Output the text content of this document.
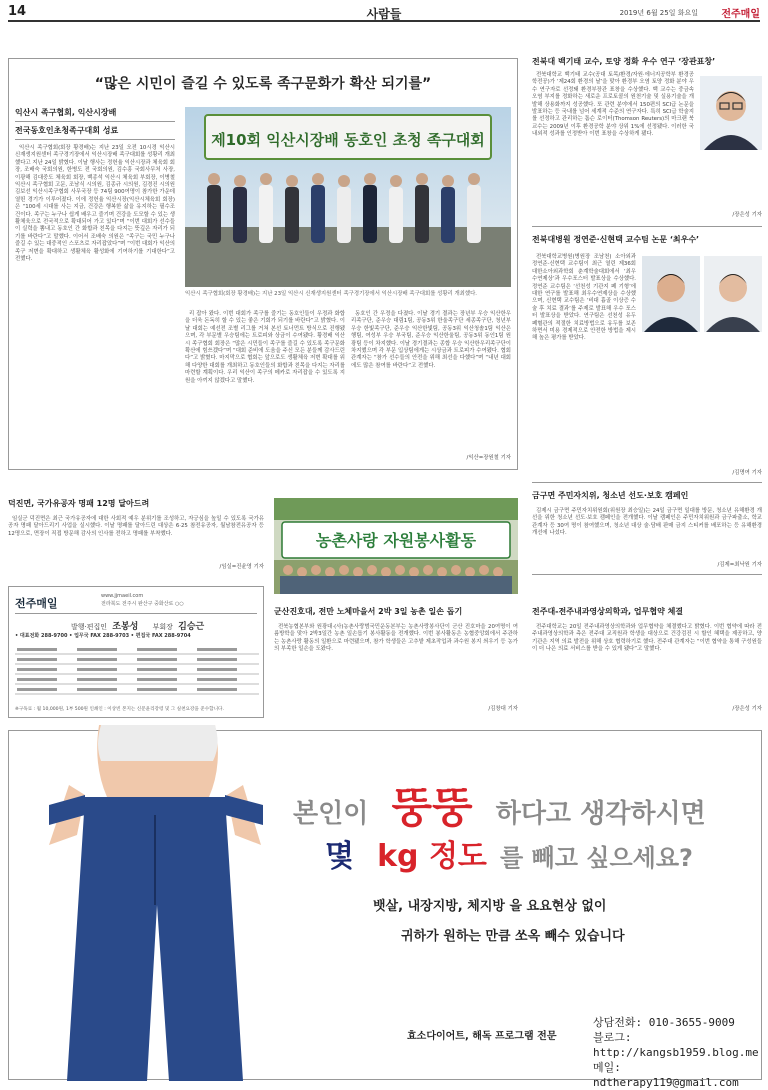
14	사람들	2019년 6월 25일 화요일 전주매일
“많은 시민이 즐길 수 있도록 족구문화가 확산 되기를”
익산시 족구협회, 익산시장배
전국동호인초청족구대회 성료

익산시 족구협회(회장 황경배)는 지난 23일 오전 10시경 익산시 신재생지원센터 족구경기장에서 익산시장배 족구대회를 성황리 개최했다고 지난 24일 밝혔다. 이날 행사는 정헌율 익산시장과 체육회 회장, 조배숙 국회의원, 한병도 전 국회의원, 김수흥 국회사무처 사장, 이광해 김대중도 체육회 회장, 백종석 익산시 체육회 부회장, 이병철 익산시 족구협회 고문, 조남식 시의원, 김종규 시의원, 김경진 시의원 김보선 익산시족구협회 사무국장 등 74팀 900여명이 참가한 가운데 열띤 경기가 이루어졌다. 이에 정헌율 익산시장(익산시체육회 회장)은 “100세 시대를 사는 지금, 건강은 행복한 삶을 유지하는 필수조건이다. 족구는 누구나 쉽게 배우고 즐기며 건강을 도모할 수 있는 생활체육으로 전국적으로 확대되어 가고 있다”며 “이번 대회가 선수들이 실력을 뽐내고 동호인 간 화합과 친목을 다지는 뜻깊은 자리가 되기를 바란다”고 말했다. 이어서 조배숙 의원은 “족구는 국민 누구나 즐길 수 있는 대중적인 스포츠로 자리잡았다”며 “이번 대회가 익산의 족구 저변을 확대하고 생활체육 활성화에 기여하기를 기대한다”고 전했다.

제10회 익산시장배 동호인 초청 족구대회
익산시 족구협회(회장 황경배)는 지난 23일 익산시 신재생지원센터 족구경기장에서 익산시장배 족구대회를 성황리 개최했다.

리 잡아 왔다. 이번 대회가 족구를 즐기는 동호인들이 우정과 화합을 더욱 돈독히 할 수 있는 좋은 기회가 되기를 바란다”고 밝혔다. 이날 대회는 예선전 조별 리그를 거쳐 본선 토너먼트 방식으로 진행됐으며, 각 부문별 우승팀에는 트로피와 상금이 수여됐다. 황경배 익산시 족구협회 회장은 “많은 시민들이 족구를 즐길 수 있도록 족구문화 확산에 힘쓰겠다”며 “대회 준비에 도움을 주신 모든 분들께 감사드린다”고 밝혔다. 마지막으로 협회는 앞으로도 생활체육 저변 확대를 위해 다양한 대회를 개최하고 동호인들의 화합과 친목을 다지는 자리를 마련할 계획이다. 우리 익산이 족구의 메카로 자리잡을 수 있도록 지원을 아끼지 않겠다고 말했다.

동호인 간 우정을 다졌다. 이날 경기 결과는 장년부 우승 익산한우리족구단, 준우승 대림1팀, 공동3위 한울족구단 세종족구단, 청년부 우승 한빛족구단, 준우승 익산한빛팀, 공동3위 익산청솔1팀 익산은행팀, 여성부 우승 부국팀, 준우승 익산한울팀, 공동3위 동인1팀 원광팀 등이 차지했다. 이날 경기결과는 종합 우승 익산한우리족구단이 차지했으며 각 부문 입상팀에게는 시상금과 트로피가 수여됐다. 협회 관계자는 “참가 선수들의 안전을 위해 최선을 다했다”며 “내년 대회에도 많은 참여를 바란다”고 전했다.

/익산=장원철 기자
전북대 백기태 교수, 토양 정화 우수 연구 ‘장관표창’

전북대학교 백기태 교수(공대 토목/환경/자원·에너지공학부 환경공학전공)가 ‘제24회 환경의 날’을 맞아 환경부 오염 토양 정화 분야 우수 연구자로 선정돼 환경부장관 표창을 수상했다. 백 교수는 중금속 오염 부지를 정화하는 새로운 프로토콜의 원천기술 및 실용기술을 개발해 상용화까지 성공했다. 또 관련 분야에서 150편의 SCI급 논문을 발표하는 등 국내를 넘어 세계적 수준의 연구자다. 특히 SCI급 학술지를 선정하고 관리하는 톰슨 로이터(Thomson Reuters)의 마크랜 북 교수는 2009년 이후 환경공학 분야 상위 1%에 선정됐다. 이러한 국내외적 성과를 인정받아 이번 표창을 수상하게 됐다.

/장은성 기자
전북대병원 정연준·신현택 교수팀 논문 ‘최우수’

전북대학교병원(병원장 조남천) 소아외과 정연준·신현택 교수팀이 최근 열린 제36회 대한소아외과학회 춘계학술대회에서 ‘최우수연제상’과 우수포스터 발표상을 수상했다. 정연준 교수팀은 ‘선천성 기관지 폐 기형’에 대한 연구를 발표해 최우수연제상을 수상했으며, 신현택 교수팀은 ‘비대 흉골 이상증 수술 후 치료 결과’를 주제로 발표해 우수 포스터 발표상을 받았다. 연구팀은 선천성 유두 폐혈관의 적절한 치료방법으로 유두를 보존하면서 미용 경제적으로 안전한 방법을 제시해 높은 평가를 받았다.

/김명여 기자
금구면 주민자치위, 청소년 선도·보호 캠페인

김제시 금구면 주민자치위원회(위원장 최승일)는 24일 금구면 일대를 방문, 청소년 유해환경 개선을 위한 청소년 선도·보호 캠페인을 전개했다. 이날 캠페인은 주민자치위원과 금구파출소, 학교 관계자 등 30여 명이 참여했으며, 청소년 대상 술·담배 판매 금지 스티커를 배포하는 등 유해환경 개선에 나섰다.

/김제=최낙원 기자
덕진면, 국가유공자 명패 12명 달아드려

임실군 덕진면은 최근 국가유공자에 대한 사회적 예우 분위기를 조성하고, 자긍심을 높일 수 있도록 국가유공자 명패 달아드리기 사업을 실시했다. 이날 명패를 달아드린 대상은 6·25 참전유공자, 월남참전유공자 등 12명으로, 면장이 직접 방문해 감사의 인사를 전하고 명패를 부착했다.

/임실=진윤영 기자
전주매일
www.jjmaeil.com
전라북도 전주시 완산구 중화산로 ○○
발행·편집인 조봉성 부회장 김승근
• 대표전화 288-9700 • 업무국 FAX 288-9703 • 편집국 FAX 288-9704
※구독료 : 월 10,000원, 1부 500원 인쇄인 : 이상빈 본지는 신문윤리강령 및 그 실천요강을 준수합니다.
농촌사랑 자원봉사활동
군산진호대, 전만 노체마을서 2박 3일 농촌 일손 돕기

전북농협본부와 원광대·(사)농촌사랑범국민운동본부는 농촌사랑봉사단이 군산 진호마을 20여명이 여름방학을 맞아 2박3일간 농촌 일손돕기 봉사활동을 전개했다. 이번 봉사활동은 농협중앙회에서 주관하는 농촌사랑 활동의 일환으로 마련됐으며, 참가 학생들은 고추밭 제초작업과 과수원 봉지 씌우기 등 농가의 부족한 일손을 도왔다.

/김창대 기자
전주대-전주내과영상의학과, 업무협약 체결

전주대학교는 20일 전주내과영상의학과와 업무협약을 체결했다고 밝혔다. 이번 협약에 따라 전주내과영상의학과 측은 전주대 교직원과 학생을 대상으로 건강검진 시 할인 혜택을 제공하고, 양 기관은 지역 의료 발전을 위해 상호 협력하기로 했다. 전주대 관계자는 “이번 협약을 통해 구성원들이 더 나은 의료 서비스를 받을 수 있게 됐다”고 말했다.

/장은성 기자
본인이 뚱뚱 하다고 생각하시면
몇 kg 정도 를 빼고 싶으세요?
뱃살, 내장지방, 체지방 을 요요현상 없이
귀하가 원하는 만큼 쏘옥 빼수 있습니다
효소다이어트, 해독 프로그램 전문
상담전화: 010-3655-9009
블로그: http://kangsb1959.blog.me
메일: ndtherapy119@gmail.com
